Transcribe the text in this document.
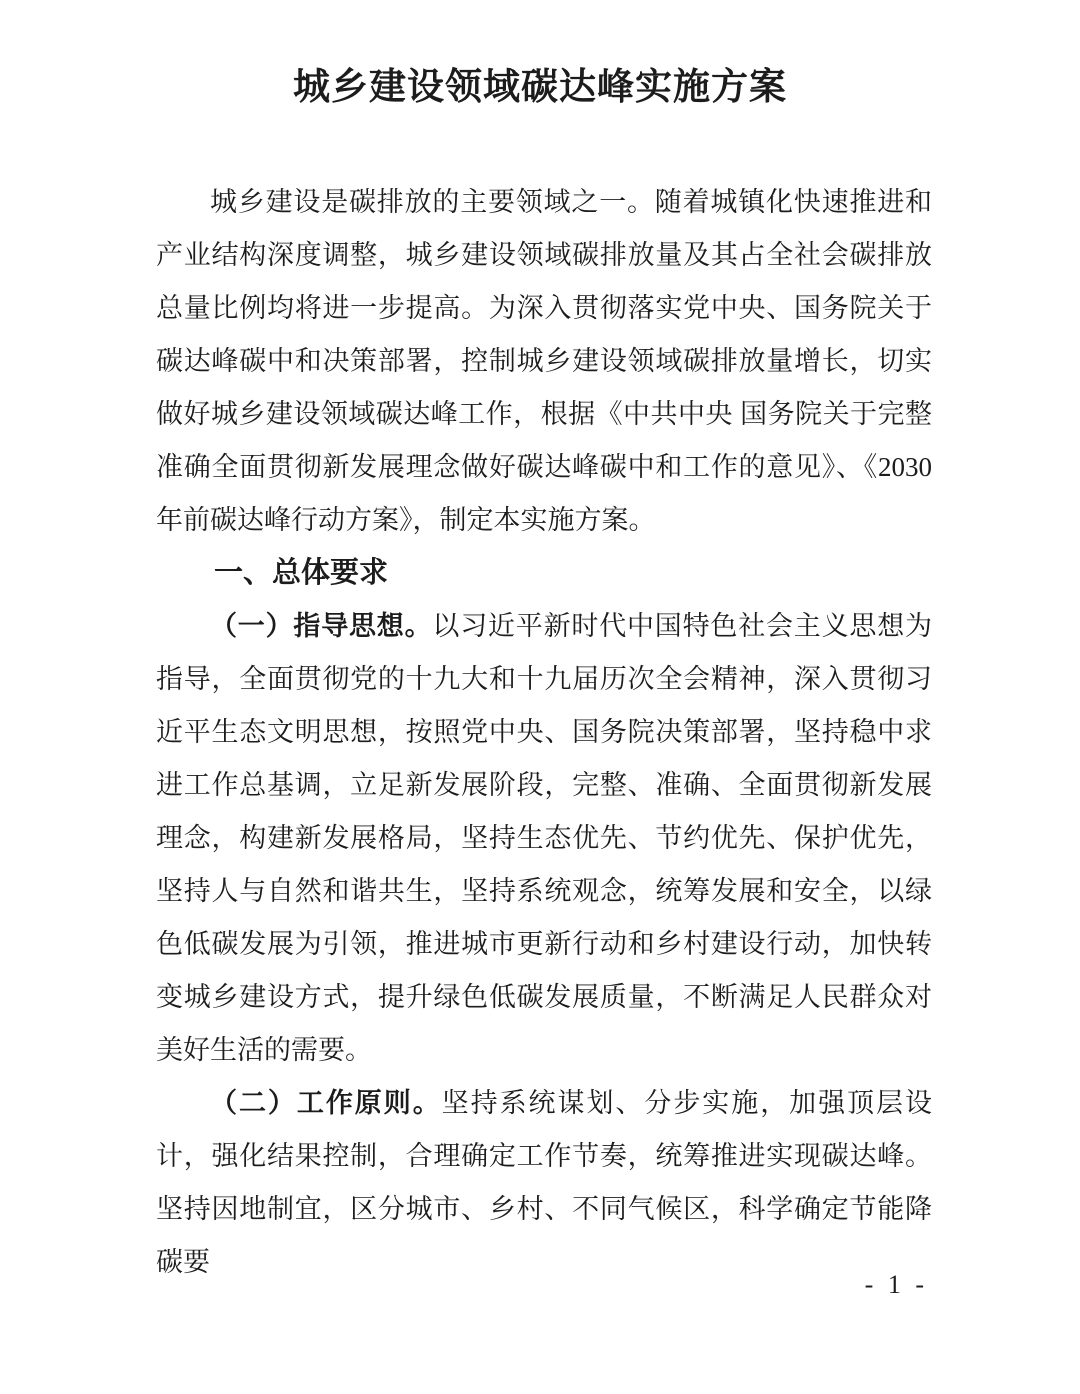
城乡建设领域碳达峰实施方案

城乡建设是碳排放的主要领域之一。随着城镇化快速推进和产业结构深度调整，城乡建设领域碳排放量及其占全社会碳排放总量比例均将进一步提高。为深入贯彻落实党中央、国务院关于碳达峰碳中和决策部署，控制城乡建设领域碳排放量增长，切实做好城乡建设领域碳达峰工作，根据《中共中央 国务院关于完整准确全面贯彻新发展理念做好碳达峰碳中和工作的意见》、《2030年前碳达峰行动方案》，制定本实施方案。

一、总体要求

（一）指导思想。以习近平新时代中国特色社会主义思想为指导，全面贯彻党的十九大和十九届历次全会精神，深入贯彻习近平生态文明思想，按照党中央、国务院决策部署，坚持稳中求进工作总基调，立足新发展阶段，完整、准确、全面贯彻新发展理念，构建新发展格局，坚持生态优先、节约优先、保护优先，坚持人与自然和谐共生，坚持系统观念，统筹发展和安全，以绿色低碳发展为引领，推进城市更新行动和乡村建设行动，加快转变城乡建设方式，提升绿色低碳发展质量，不断满足人民群众对美好生活的需要。

（二）工作原则。坚持系统谋划、分步实施，加强顶层设计，强化结果控制，合理确定工作节奏，统筹推进实现碳达峰。坚持因地制宜，区分城市、乡村、不同气候区，科学确定节能降碳要

- 1 -
